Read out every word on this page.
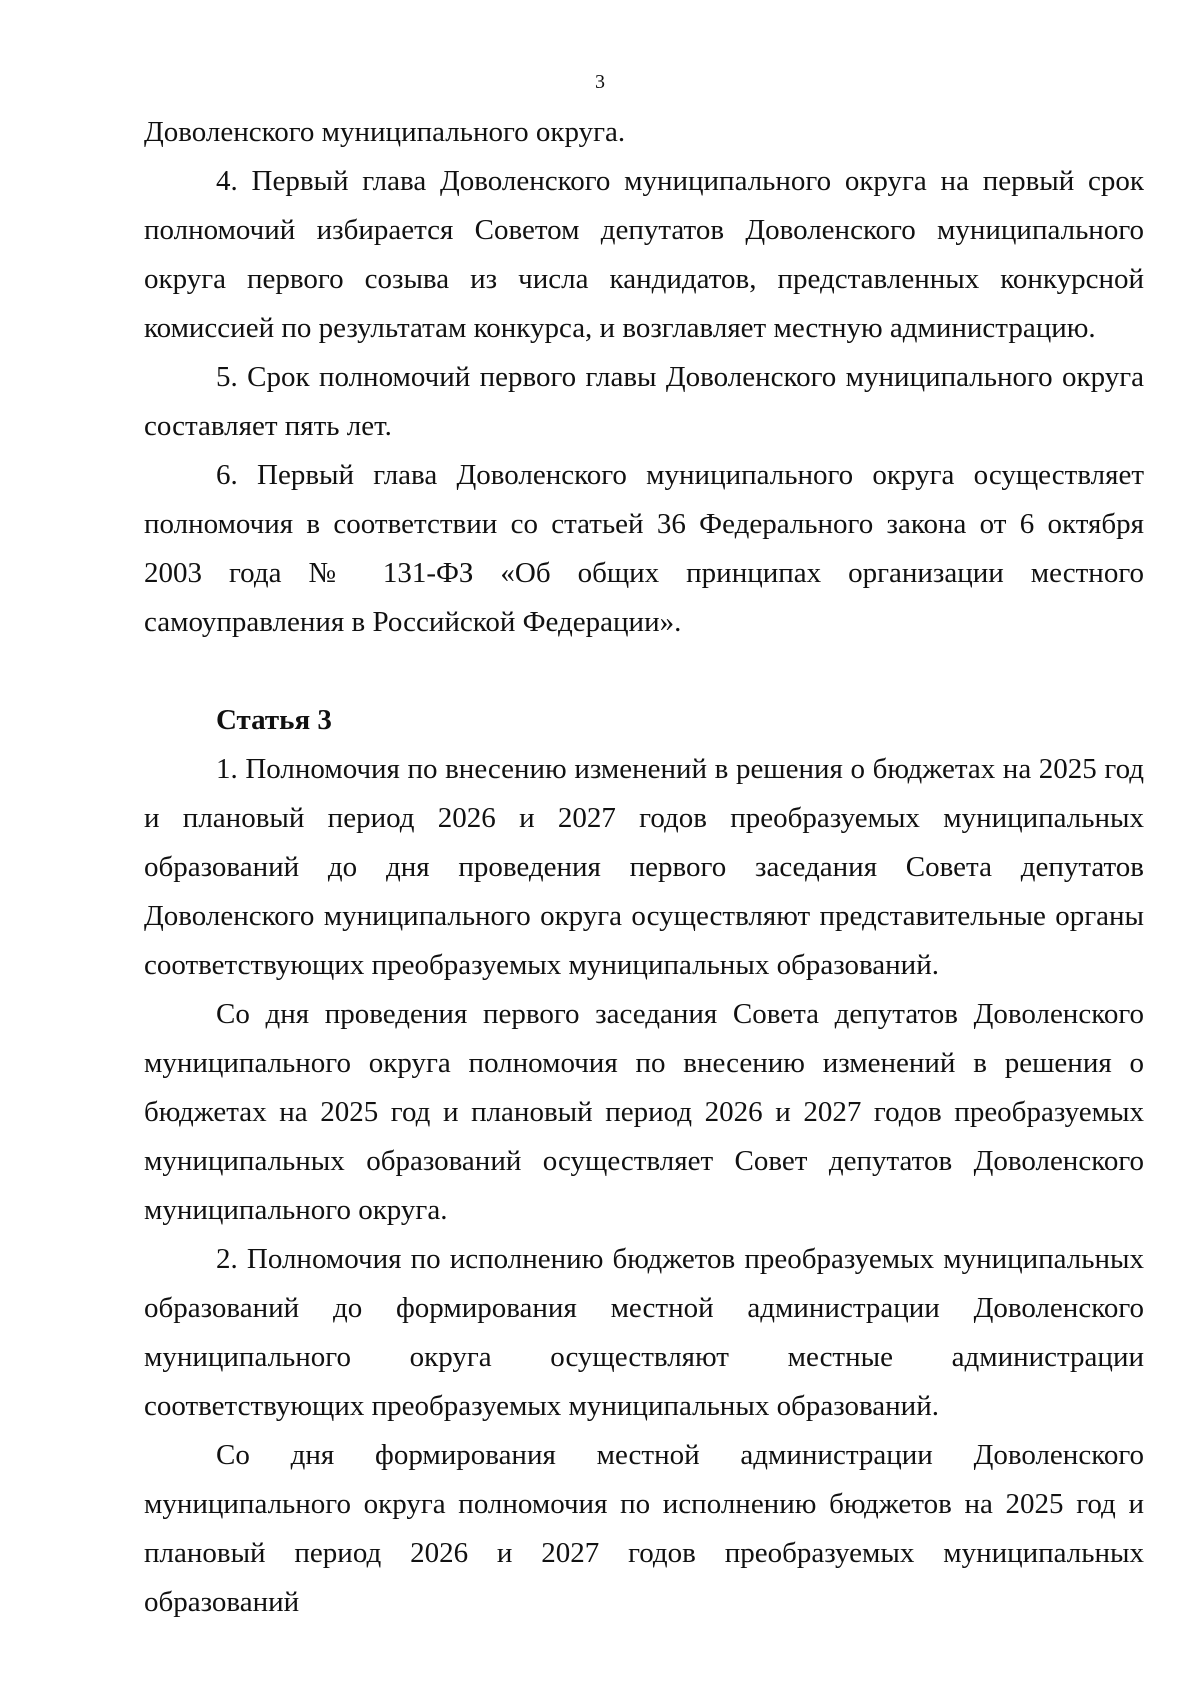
3

Доволенского муниципального округа.

4. Первый глава Доволенского муниципального округа на первый срок полномочий избирается Советом депутатов Доволенского муниципального округа первого созыва из числа кандидатов, представленных конкурсной комиссией по результатам конкурса, и возглавляет местную администрацию.

5. Срок полномочий первого главы Доволенского муниципального округа составляет пять лет.

6. Первый глава Доволенского муниципального округа осуществляет полномочия в соответствии со статьей 36 Федерального закона от 6 октября 2003 года № 131-ФЗ «Об общих принципах организации местного самоуправления в Российской Федерации».

Статья 3

1. Полномочия по внесению изменений в решения о бюджетах на 2025 год и плановый период 2026 и 2027 годов преобразуемых муниципальных образований до дня проведения первого заседания Совета депутатов Доволенского муниципального округа осуществляют представительные органы соответствующих преобразуемых муниципальных образований.

Со дня проведения первого заседания Совета депутатов Доволенского муниципального округа полномочия по внесению изменений в решения о бюджетах на 2025 год и плановый период 2026 и 2027 годов преобразуемых муниципальных образований осуществляет Совет депутатов Доволенского муниципального округа.

2. Полномочия по исполнению бюджетов преобразуемых муниципальных образований до формирования местной администрации Доволенского муниципального округа осуществляют местные администрации соответствующих преобразуемых муниципальных образований.

Со дня формирования местной администрации Доволенского муниципального округа полномочия по исполнению бюджетов на 2025 год и плановый период 2026 и 2027 годов преобразуемых муниципальных образований
